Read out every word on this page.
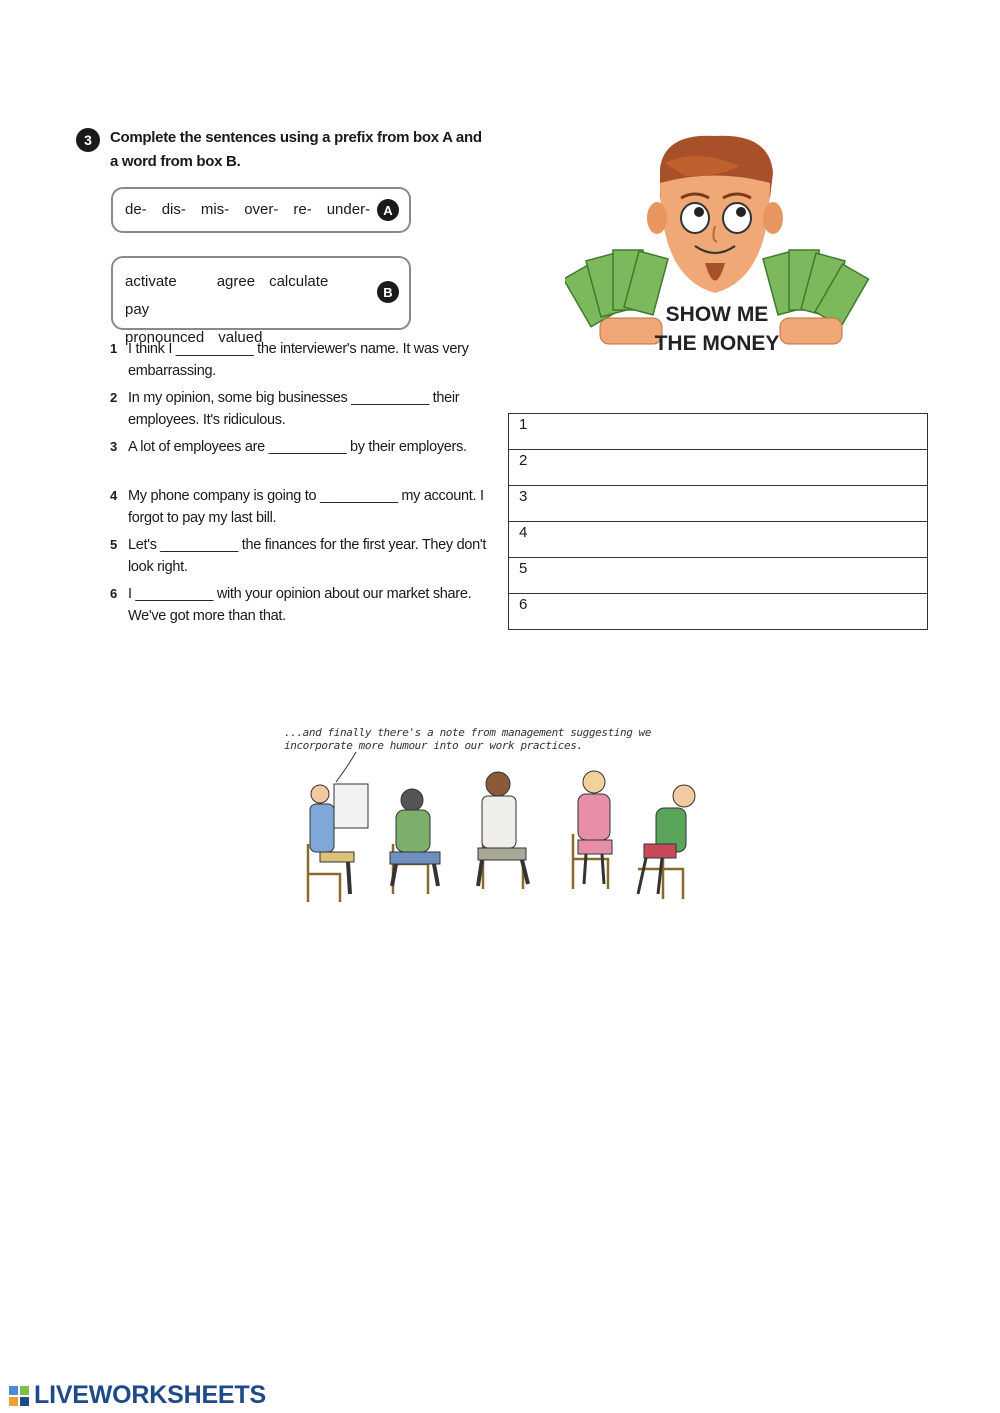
3	Complete the sentences using a prefix from box A and a word from box B.
de- dis- mis- over- re- under-	A
activate	agree calculatepay
pronounced valued
B
1 I think I __________ the interviewer's name. It was very embarrassing.
2 In my opinion, some big businesses __________ their employees. It's ridiculous.
3 A lot of employees are __________ by their employers.
4 My phone company is going to __________ my account. I forgot to pay my last bill.
5 Let's __________ the finances for the first year. They don't look right.
6 I __________ with your opinion about our market share. We've got more than that.
SHOW ME
THE MONEY
1
2
3
4
5
6
...and finally there's a note from management suggesting we incorporate more humour into our work practices.
LIVEWORKSHEETS
